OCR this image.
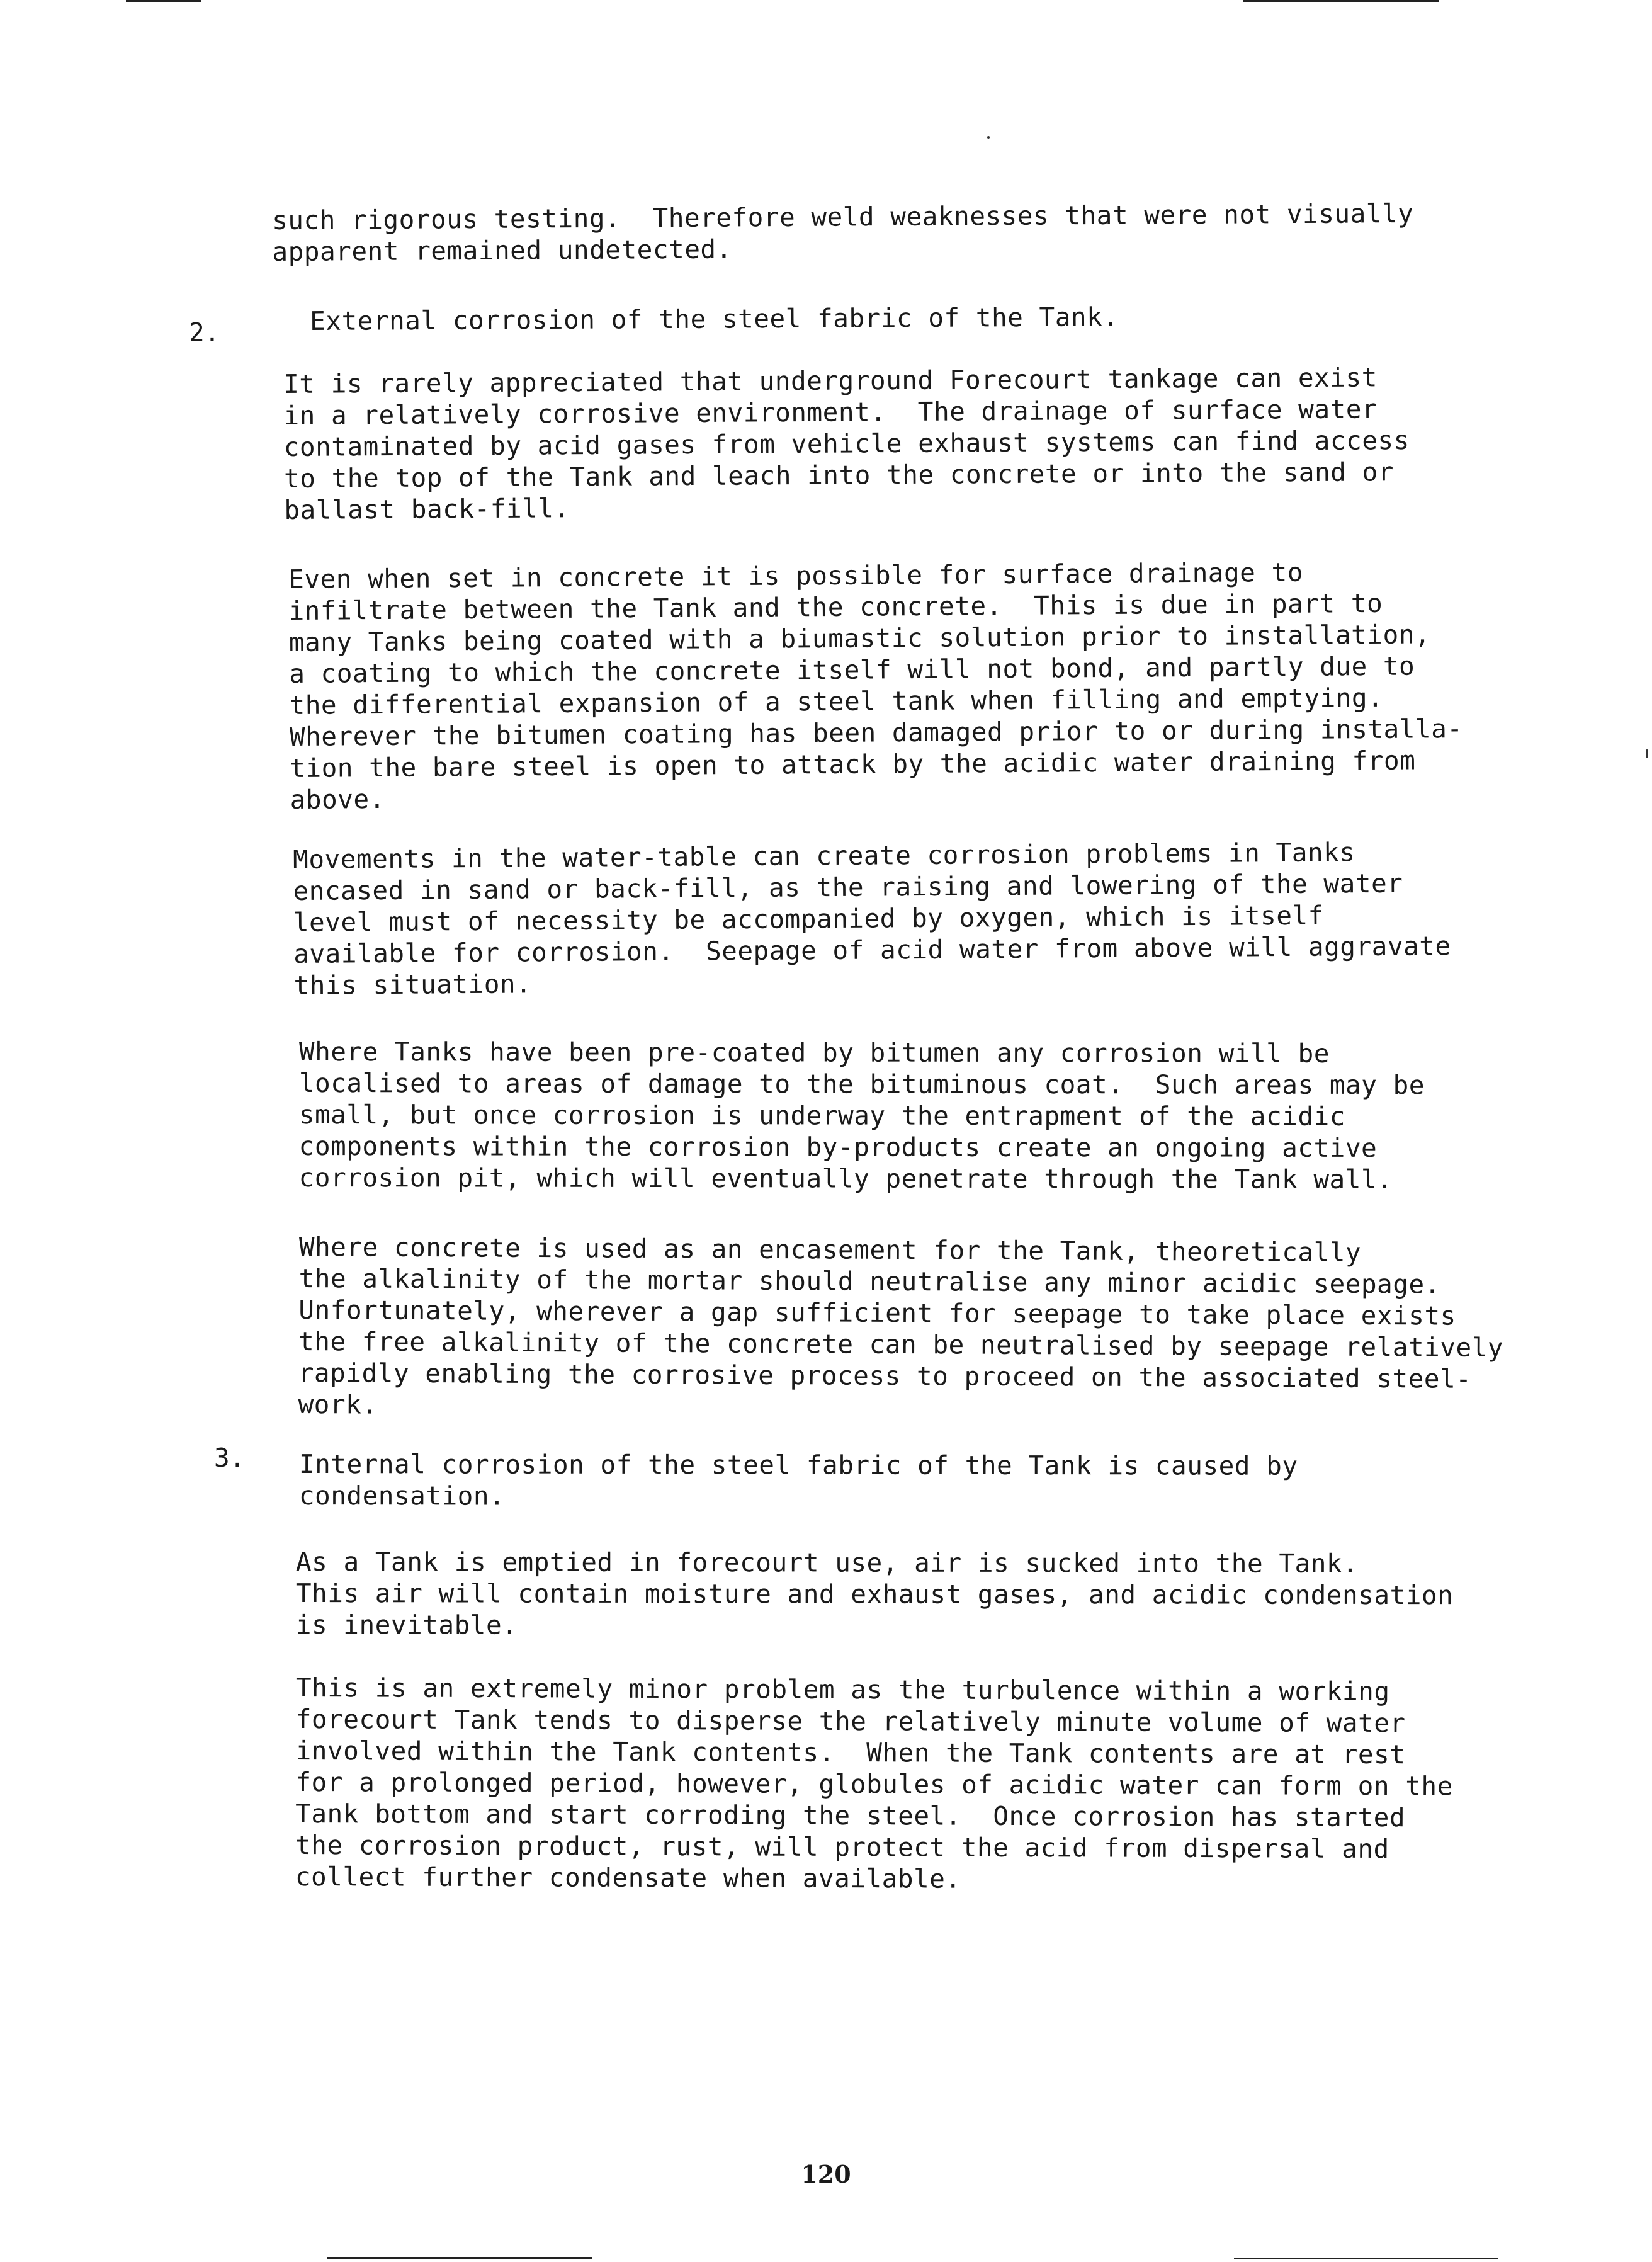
such rigorous testing.  Therefore weld weaknesses that were not visually
apparent remained undetected.

2.	External corrosion of the steel fabric of the Tank.

It is rarely appreciated that underground Forecourt tankage can exist
in a relatively corrosive environment.  The drainage of surface water
contaminated by acid gases from vehicle exhaust systems can find access
to the top of the Tank and leach into the concrete or into the sand or
ballast back-fill.

Even when set in concrete it is possible for surface drainage to
infiltrate between the Tank and the concrete.  This is due in part to
many Tanks being coated with a biumastic solution prior to installation,
a coating to which the concrete itself will not bond, and partly due to
the differential expansion of a steel tank when filling and emptying.
Wherever the bitumen coating has been damaged prior to or during installa-
tion the bare steel is open to attack by the acidic water draining from
above.

Movements in the water-table can create corrosion problems in Tanks
encased in sand or back-fill, as the raising and lowering of the water
level must of necessity be accompanied by oxygen, which is itself
available for corrosion.  Seepage of acid water from above will aggravate
this situation.

Where Tanks have been pre-coated by bitumen any corrosion will be
localised to areas of damage to the bituminous coat.  Such areas may be
small, but once corrosion is underway the entrapment of the acidic
components within the corrosion by-products create an ongoing active
corrosion pit, which will eventually penetrate through the Tank wall.

Where concrete is used as an encasement for the Tank, theoretically
the alkalinity of the mortar should neutralise any minor acidic seepage.
Unfortunately, wherever a gap sufficient for seepage to take place exists
the free alkalinity of the concrete can be neutralised by seepage relatively
rapidly enabling the corrosive process to proceed on the associated steel-
work.

3. Internal corrosion of the steel fabric of the Tank is caused by
condensation.

As a Tank is emptied in forecourt use, air is sucked into the Tank.
This air will contain moisture and exhaust gases, and acidic condensation
is inevitable.

This is an extremely minor problem as the turbulence within a working
forecourt Tank tends to disperse the relatively minute volume of water
involved within the Tank contents.  When the Tank contents are at rest
for a prolonged period, however, globules of acidic water can form on the
Tank bottom and start corroding the steel.  Once corrosion has started
the corrosion product, rust, will protect the acid from dispersal and
collect further condensate when available.

120
